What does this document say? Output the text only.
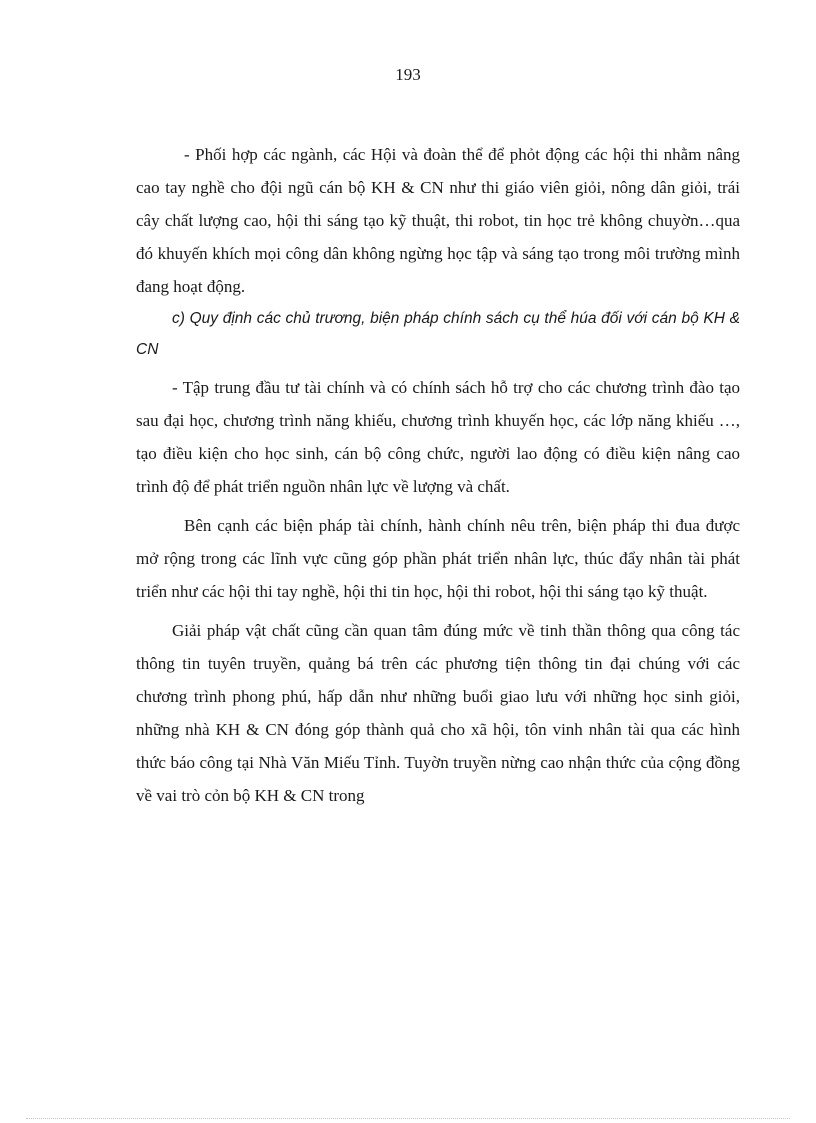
193

- Phối hợp các ngành, các Hội và đoàn thể để phỏt động các hội thi nhằm nâng cao tay nghề cho đội ngũ cán bộ KH & CN như thi giáo viên giỏi, nông dân giỏi, trái cây chất lượng cao, hội thi sáng tạo kỹ thuật, thi robot, tin học trẻ không chuyờn…qua đó khuyến khích mọi công dân không ngừng học tập và sáng tạo trong môi trường mình đang hoạt động.

c) Quy định các chủ trương, biện pháp chính sách cụ thể húa đối với cán bộ KH & CN

- Tập trung đầu tư tài chính và có chính sách hỗ trợ cho các chương trình đào tạo sau đại học, chương trình năng khiếu, chương trình khuyến học, các lớp năng khiếu …, tạo điều kiện cho học sinh, cán bộ công chức, người lao động có điều kiện nâng cao trình độ để phát triển nguồn nhân lực về lượng và chất.

Bên cạnh các biện pháp tài chính, hành chính nêu trên, biện pháp thi đua được mở rộng trong các lĩnh vực cũng góp phần phát triển nhân lực, thúc đẩy nhân tài phát triển như các hội thi tay nghề, hội thi tin học, hội thi robot, hội thi sáng tạo kỹ thuật.

Giải pháp vật chất cũng cần quan tâm đúng mức về tinh thần thông qua công tác thông tin tuyên truyền, quảng bá trên các phương tiện thông tin đại chúng với các chương trình phong phú, hấp dẫn như những buổi giao lưu với những học sinh giỏi, những nhà KH & CN đóng góp thành quả cho xã hội, tôn vinh nhân tài qua các hình thức báo công tại Nhà Văn Miếu Tỉnh. Tuyờn truyền nừng cao nhận thức của cộng đồng về vai trò cỏn bộ KH & CN trong
